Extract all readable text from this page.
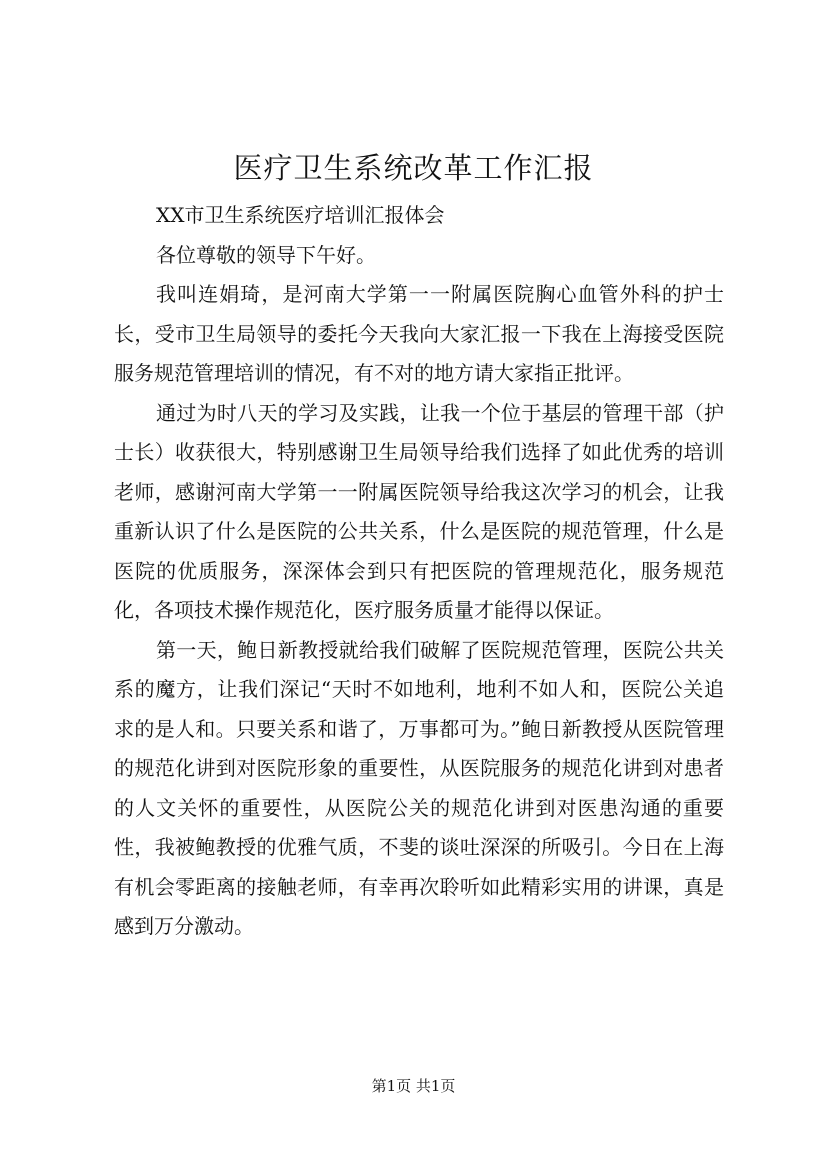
医疗卫生系统改革工作汇报

XX市卫生系统医疗培训汇报体会

各位尊敬的领导下午好。

我叫连娟琦，是河南大学第一一附属医院胸心血管外科的护士长，受市卫生局领导的委托今天我向大家汇报一下我在上海接受医院服务规范管理培训的情况，有不对的地方请大家指正批评。

通过为时八天的学习及实践，让我一个位于基层的管理干部（护士长）收获很大，特别感谢卫生局领导给我们选择了如此优秀的培训老师，感谢河南大学第一一附属医院领导给我这次学习的机会，让我重新认识了什么是医院的公共关系，什么是医院的规范管理，什么是医院的优质服务，深深体会到只有把医院的管理规范化，服务规范化，各项技术操作规范化，医疗服务质量才能得以保证。

第一天，鲍日新教授就给我们破解了医院规范管理，医院公共关系的魔方，让我们深记“天时不如地利，地利不如人和，医院公关追求的是人和。只要关系和谐了，万事都可为。”鲍日新教授从医院管理的规范化讲到对医院形象的重要性，从医院服务的规范化讲到对患者的人文关怀的重要性，从医院公关的规范化讲到对医患沟通的重要性，我被鲍教授的优雅气质，不斐的谈吐深深的所吸引。今日在上海有机会零距离的接触老师，有幸再次聆听如此精彩实用的讲课，真是感到万分激动。

第1页 共1页
